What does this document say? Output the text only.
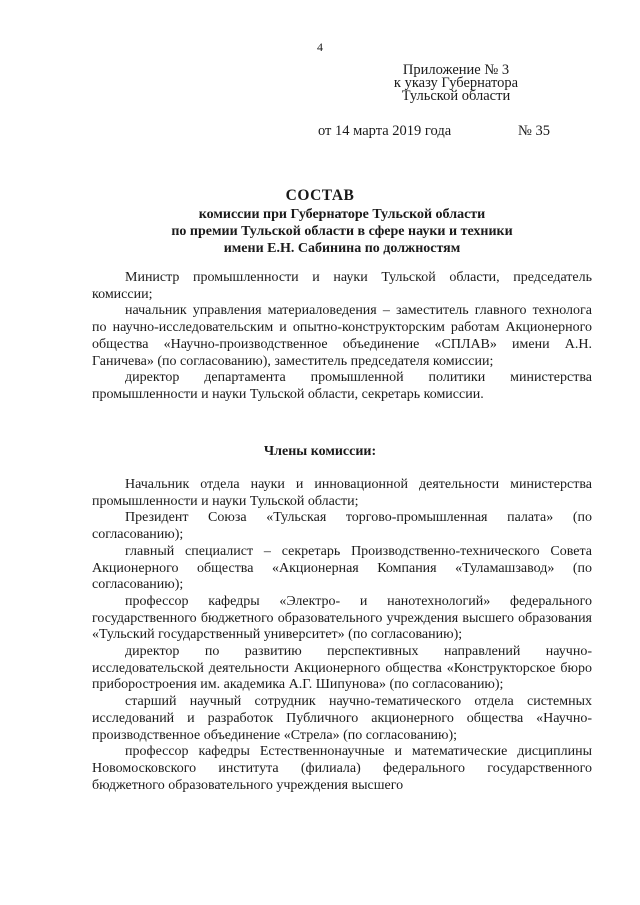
4
Приложение № 3
к указу Губернатора
Тульской области
от 14 марта 2019 года	№ 35
СОСТАВ
комиссии при Губернаторе Тульской области
по премии Тульской области в сфере науки и техники
имени Е.Н. Сабинина по должностям

Министр промышленности и науки Тульской области, председатель комиссии;

начальник управления материаловедения – заместитель главного технолога по научно-исследовательским и опытно-конструкторским работам Акционерного общества «Научно-производственное объединение «СПЛАВ» имени А.Н. Ганичева» (по согласованию), заместитель председателя комиссии;

директор департамента промышленной политики министерства промышленности и науки Тульской области, секретарь комиссии.

Члены комиссии:

Начальник отдела науки и инновационной деятельности министерства промышленности и науки Тульской области;

Президент Союза «Тульская торгово-промышленная палата» (по согласованию);

главный специалист – секретарь Производственно-технического Совета Акционерного общества «Акционерная Компания «Туламашзавод» (по согласованию);

профессор кафедры «Электро- и нанотехнологий» федерального государственного бюджетного образовательного учреждения высшего образования «Тульский государственный университет» (по согласованию);

директор по развитию перспективных направлений научно-исследовательской деятельности Акционерного общества «Конструкторское бюро приборостроения им. академика А.Г. Шипунова» (по согласованию);

старший научный сотрудник научно-тематического отдела системных исследований и разработок Публичного акционерного общества «Научно-производственное объединение «Стрела» (по согласованию);

профессор кафедры Естественнонаучные и математические дисциплины Новомосковского института (филиала) федерального государственного бюджетного образовательного учреждения высшего
